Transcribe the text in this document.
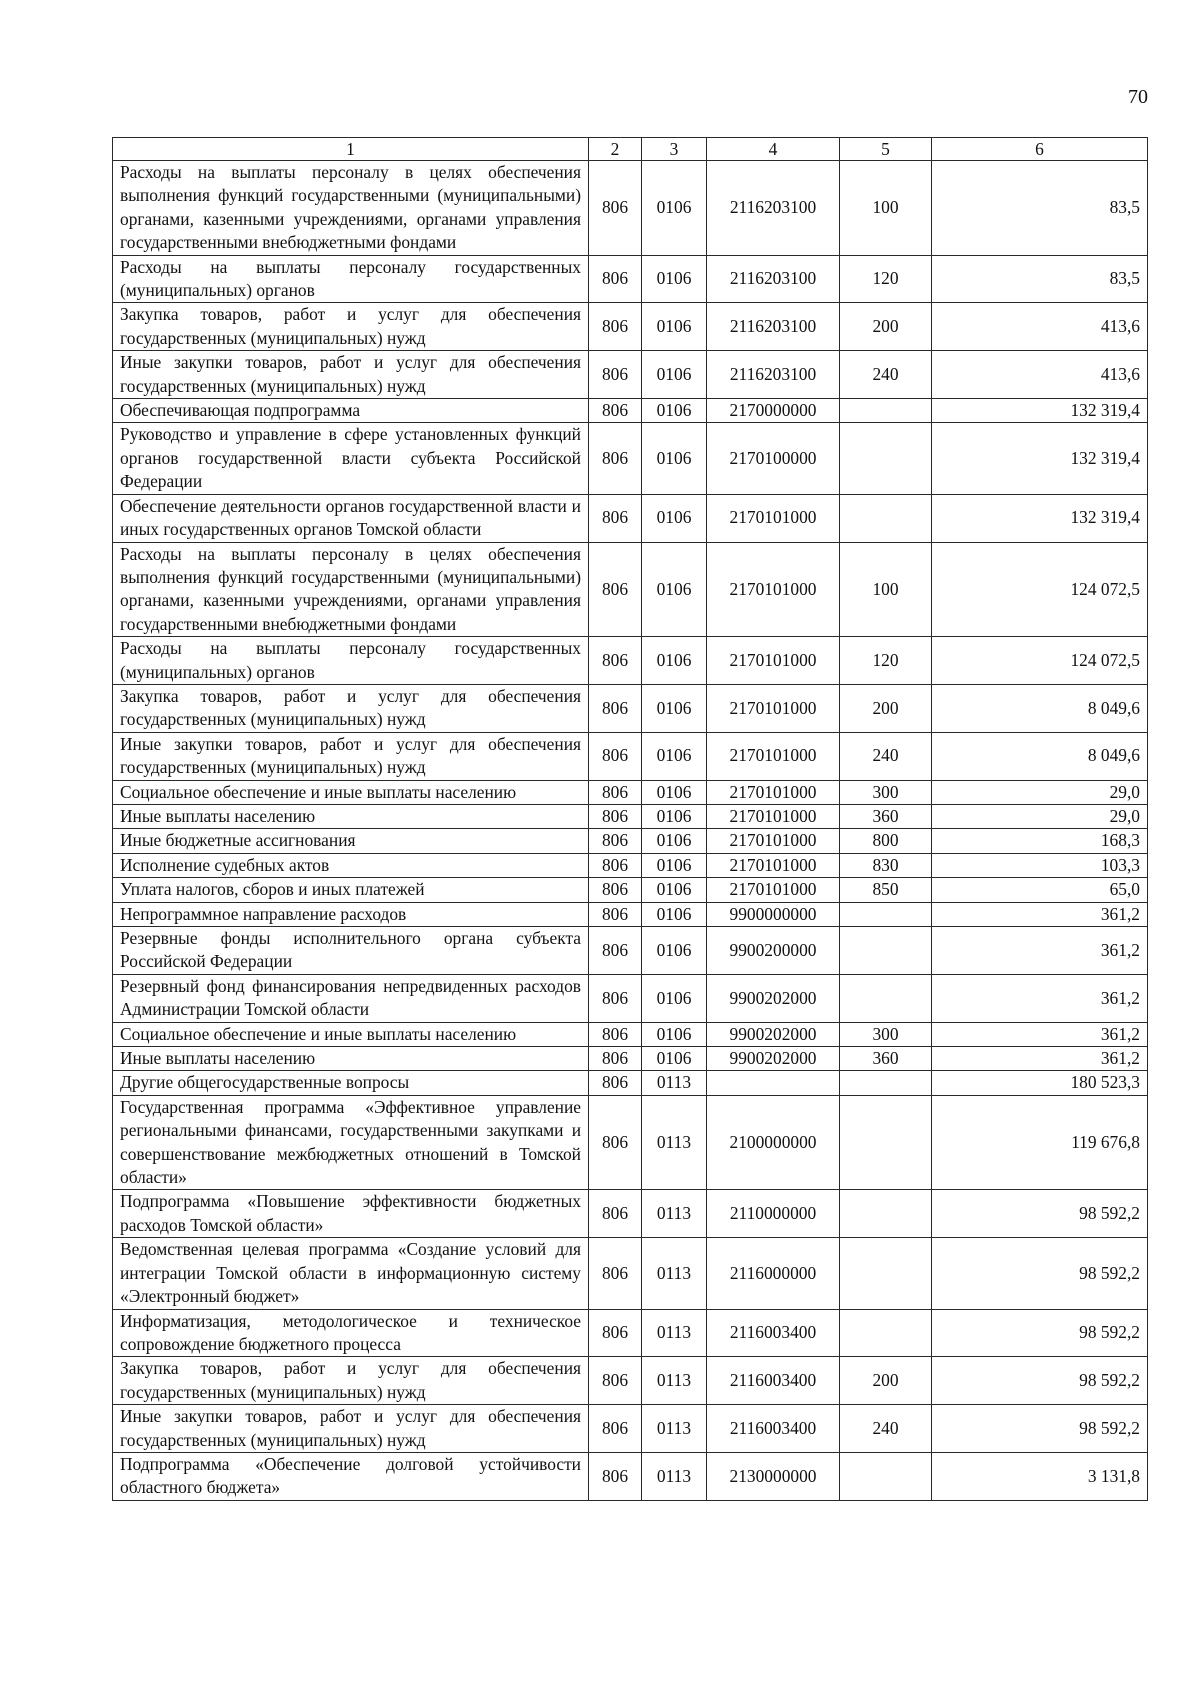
70
1	2	3	4	5	6
Расходы на выплаты персоналу в целях обеспечения выполнения функций государственными (муниципальными) органами, казенными учреждениями, органами управления государственными внебюджетными фондами	806	0106	2116203100	100	83,5
Расходы на выплаты персоналу государственных (муниципальных) органов	806	0106	2116203100	120	83,5
Закупка товаров, работ и услуг для обеспечения государственных (муниципальных) нужд	806	0106	2116203100	200	413,6
Иные закупки товаров, работ и услуг для обеспечения государственных (муниципальных) нужд	806	0106	2116203100	240	413,6
Обеспечивающая подпрограмма	806	0106	2170000000		132 319,4
Руководство и управление в сфере установленных функций органов государственной власти субъекта Российской Федерации	806	0106	2170100000		132 319,4
Обеспечение деятельности органов государственной власти и иных государственных органов Томской области	806	0106	2170101000		132 319,4
Расходы на выплаты персоналу в целях обеспечения выполнения функций государственными (муниципальными) органами, казенными учреждениями, органами управления государственными внебюджетными фондами	806	0106	2170101000	100	124 072,5
Расходы на выплаты персоналу государственных (муниципальных) органов	806	0106	2170101000	120	124 072,5
Закупка товаров, работ и услуг для обеспечения государственных (муниципальных) нужд	806	0106	2170101000	200	8 049,6
Иные закупки товаров, работ и услуг для обеспечения государственных (муниципальных) нужд	806	0106	2170101000	240	8 049,6
Социальное обеспечение и иные выплаты населению	806	0106	2170101000	300	29,0
Иные выплаты населению	806	0106	2170101000	360	29,0
Иные бюджетные ассигнования	806	0106	2170101000	800	168,3
Исполнение судебных актов	806	0106	2170101000	830	103,3
Уплата налогов, сборов и иных платежей	806	0106	2170101000	850	65,0
Непрограммное направление расходов	806	0106	9900000000		361,2
Резервные фонды исполнительного органа субъекта Российской Федерации	806	0106	9900200000		361,2
Резервный фонд финансирования непредвиденных расходов Администрации Томской области	806	0106	9900202000		361,2
Социальное обеспечение и иные выплаты населению	806	0106	9900202000	300	361,2
Иные выплаты населению	806	0106	9900202000	360	361,2
Другие общегосударственные вопросы	806	0113			180 523,3
Государственная программа «Эффективное управление региональными финансами, государственными закупками и совершенствование межбюджетных отношений в Томской области»	806	0113	2100000000		119 676,8
Подпрограмма «Повышение эффективности бюджетных расходов Томской области»	806	0113	2110000000		98 592,2
Ведомственная целевая программа «Создание условий для интеграции Томской области в информационную систему «Электронный бюджет»	806	0113	2116000000		98 592,2
Информатизация, методологическое и техническое сопровождение бюджетного процесса	806	0113	2116003400		98 592,2
Закупка товаров, работ и услуг для обеспечения государственных (муниципальных) нужд	806	0113	2116003400	200	98 592,2
Иные закупки товаров, работ и услуг для обеспечения государственных (муниципальных) нужд	806	0113	2116003400	240	98 592,2
Подпрограмма «Обеспечение долговой устойчивости областного бюджета»	806	0113	2130000000		3 131,8
